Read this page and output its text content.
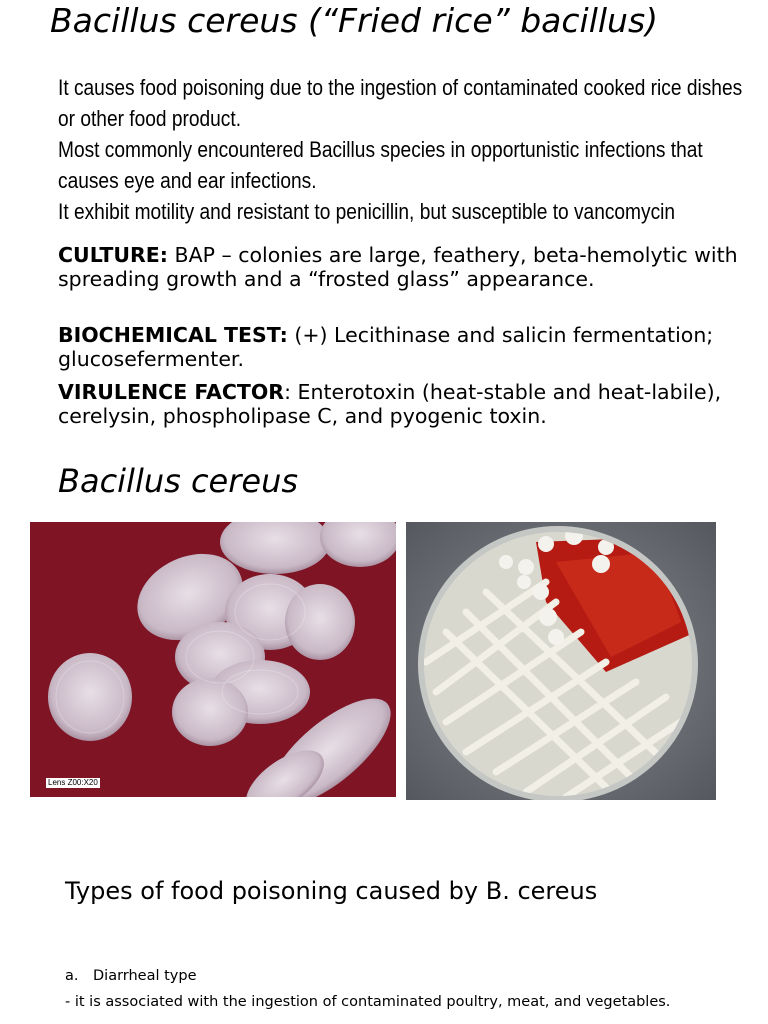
Bacillus cereus (“Fried rice” bacillus)
It causes food poisoning due to the ingestion of contaminated cooked rice dishes or other food product.
Most commonly encountered Bacillus species in opportunistic infections that causes eye and ear infections.
It exhibit motility and resistant to penicillin, but susceptible to vancomycin
CULTURE: BAP – colonies are large, feathery, beta-hemolytic with spreading growth and a “frosted glass” appearance.
BIOCHEMICAL TEST: (+) Lecithinase and salicin fermentation; glucosefermenter.
VIRULENCE FACTOR: Enterotoxin (heat-stable and heat-labile), cerelysin, phospholipase C, and pyogenic toxin.
Bacillus cereus
Lens Z00:X20
Types of food poisoning caused by B. cereus
a. Diarrheal type
- it is associated with the ingestion of contaminated poultry, meat, and vegetables.
